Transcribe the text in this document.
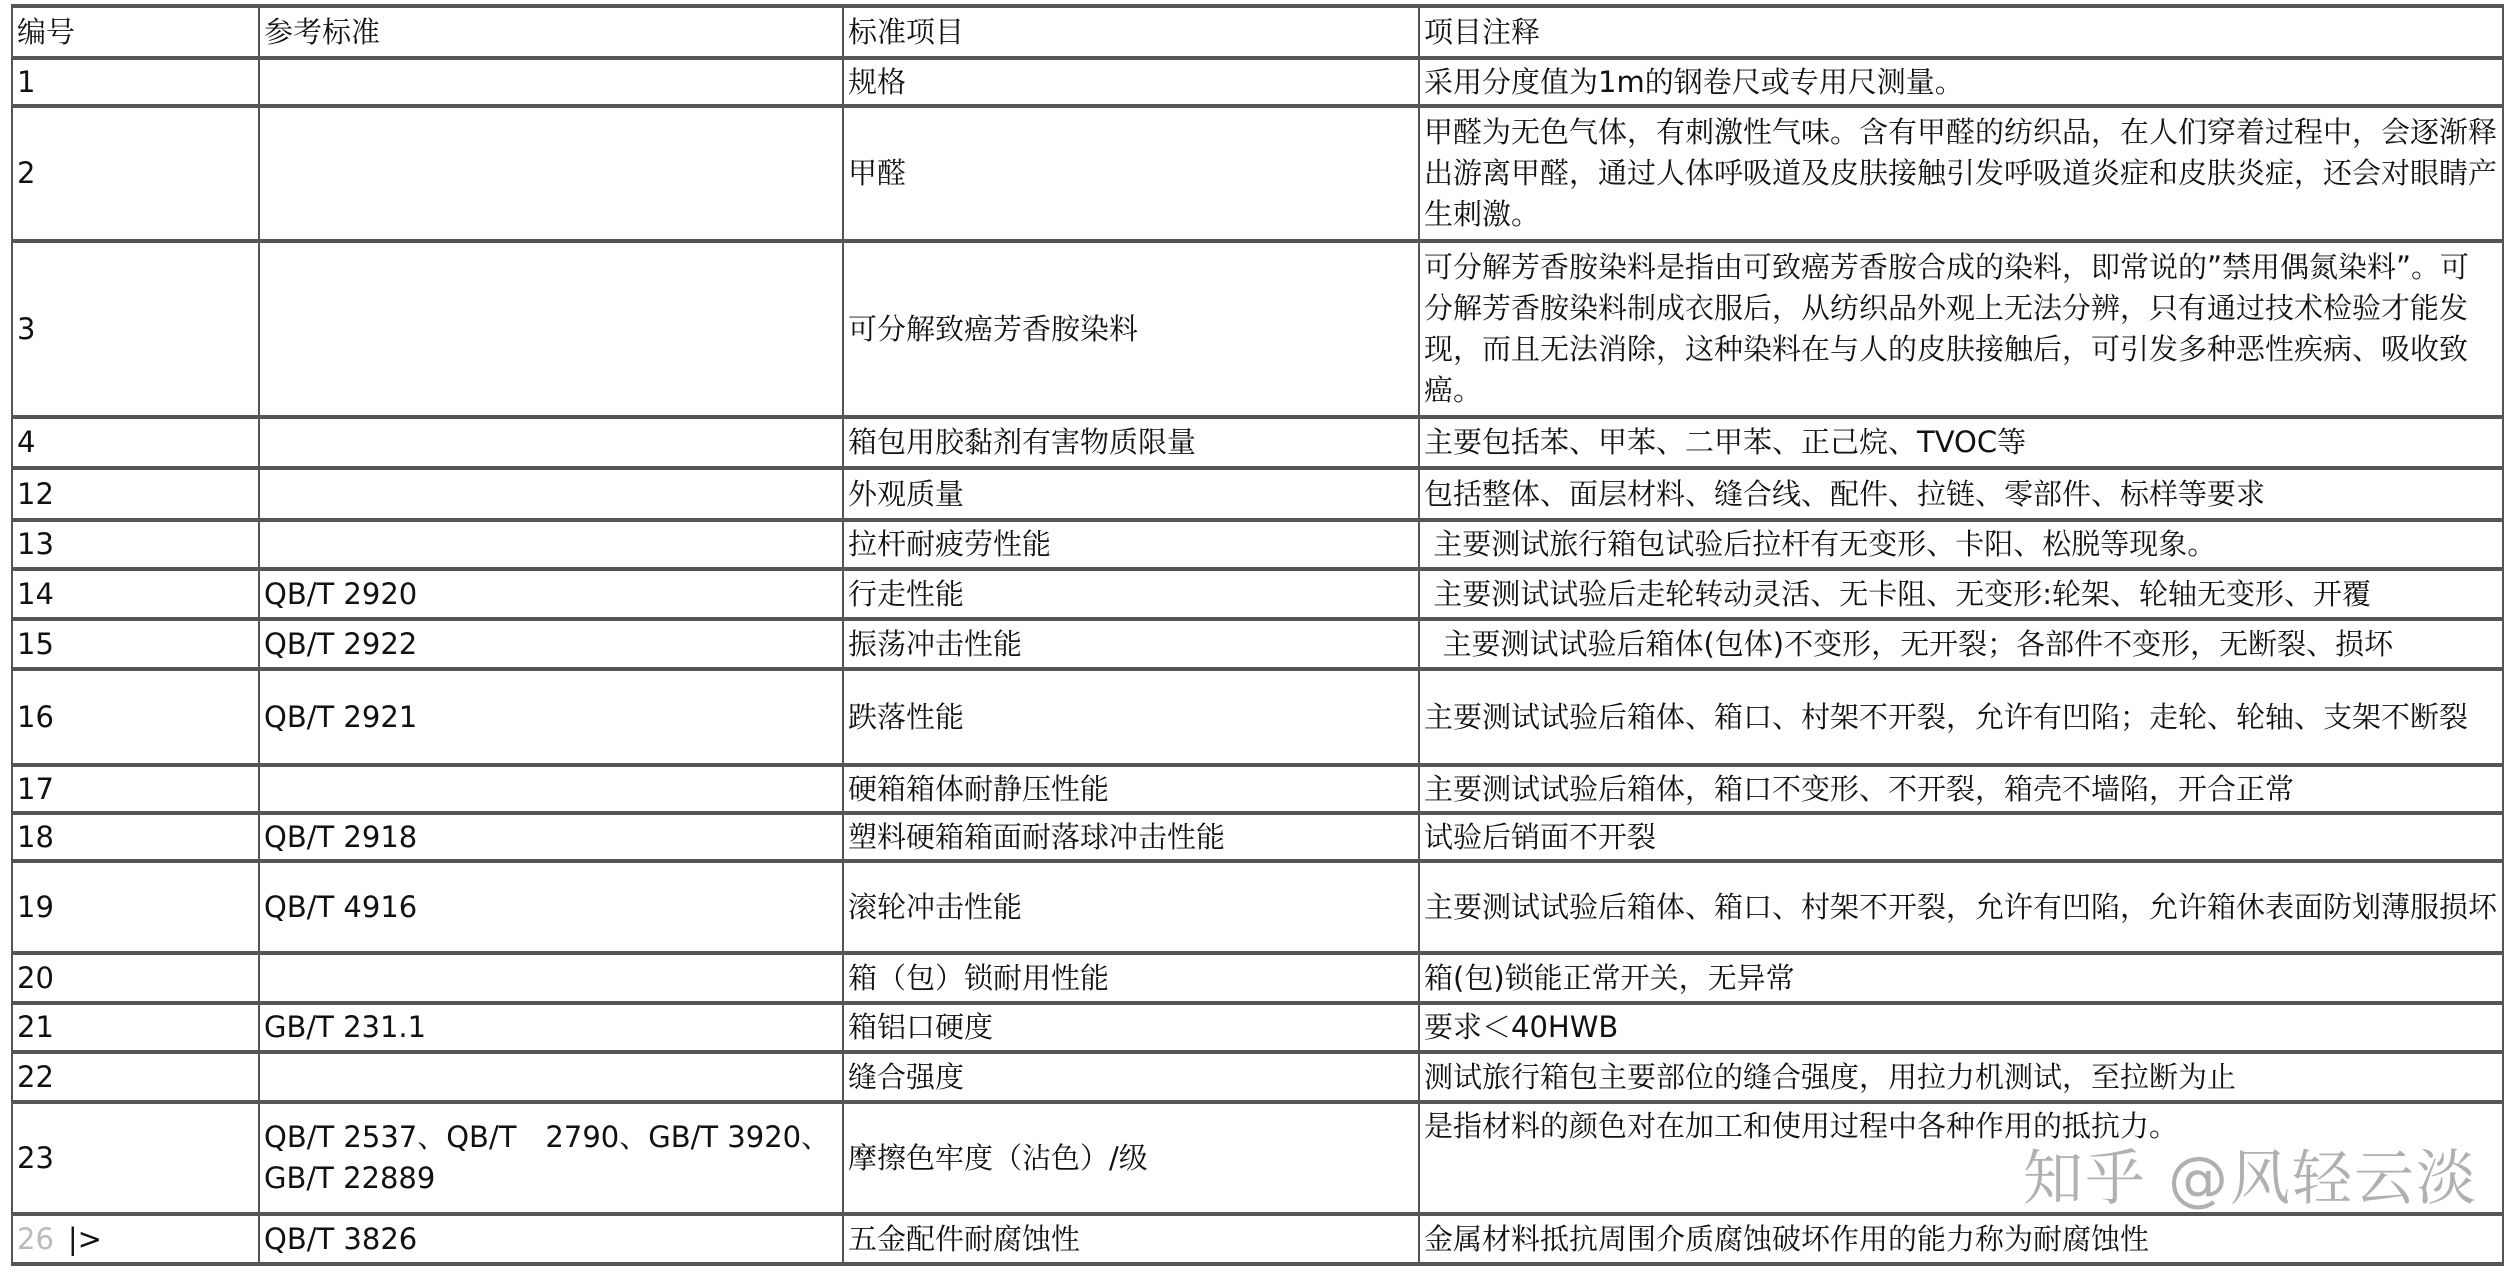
编号	参考标准	标准项目	项目注释
1		规格	采用分度值为1m的钢卷尺或专用尺测量。
2		甲醛	甲醛为无色气体，有刺激性气味。含有甲醛的纺织品，在人们穿着过程中，会逐渐释出游离甲醛，通过人体呼吸道及皮肤接触引发呼吸道炎症和皮肤炎症，还会对眼睛产生刺激。
3		可分解致癌芳香胺染料	可分解芳香胺染料是指由可致癌芳香胺合成的染料，即常说的”禁用偶氮染料”。可分解芳香胺染料制成衣服后，从纺织品外观上无法分辨，只有通过技术检验才能发现，而且无法消除，这种染料在与人的皮肤接触后，可引发多种恶性疾病、吸收致癌。
4		箱包用胶黏剂有害物质限量	主要包括苯、甲苯、二甲苯、正己烷、TVOC等
12		外观质量	包括整体、面层材料、缝合线、配件、拉链、零部件、标样等要求
13		拉杆耐疲劳性能	主要测试旅行箱包试验后拉杆有无变形、卡阳、松脱等现象。
14	QB/T 2920	行走性能	主要测试试验后走轮转动灵活、无卡阻、无变形:轮架、轮轴无变形、开覆
15	QB/T 2922	振荡冲击性能	主要测试试验后箱体(包体)不变形，无开裂；各部件不变形，无断裂、损坏
16	QB/T 2921	跌落性能	主要测试试验后箱体、箱口、村架不开裂，允许有凹陷；走轮、轮轴、支架不断裂
17		硬箱箱体耐静压性能	主要测试试验后箱体，箱口不变形、不开裂，箱壳不墙陷，开合正常
18	QB/T 2918	塑料硬箱箱面耐落球冲击性能	试验后销面不开裂
19	QB/T 4916	滚轮冲击性能	主要测试试验后箱体、箱口、村架不开裂，允许有凹陷，允许箱休表面防划薄服损坏
20		箱（包）锁耐用性能	箱(包)锁能正常开关，无异常
21	GB/T 231.1	箱铝口硬度	要求＜40HWB
22		缝合强度	测试旅行箱包主要部位的缝合强度，用拉力机测试，至拉断为止
23	QB/T 2537、QB/T　2790、GB/T 3920、GB/T 22889	摩擦色牢度（沾色）/级	是指材料的颜色对在加工和使用过程中各种作用的抵抗力。
知乎 @风轻云淡

26 |>	QB/T 3826	五金配件耐腐蚀性	金属材料抵抗周围介质腐蚀破坏作用的能力称为耐腐蚀性
